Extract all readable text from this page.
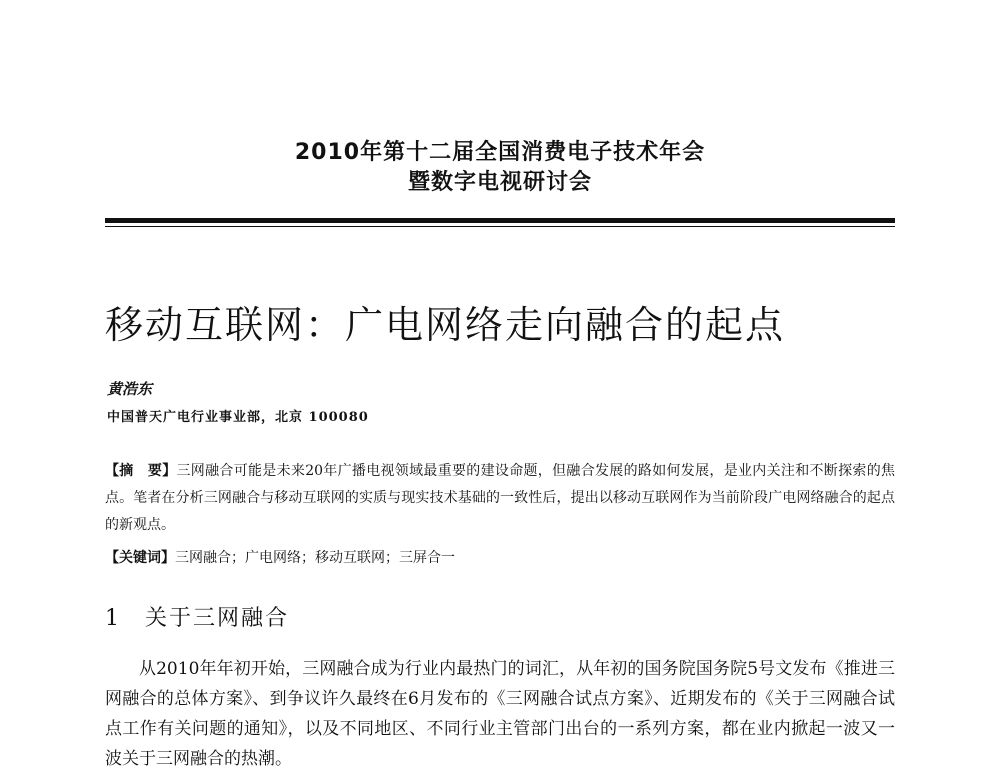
2010年第十二届全国消费电子技术年会
暨数字电视研讨会
移动互联网：广电网络走向融合的起点
黄浩东
中国普天广电行业事业部，北京 100080
【摘　要】三网融合可能是未来20年广播电视领域最重要的建设命题，但融合发展的路如何发展，是业内关注和不断探索的焦点。笔者在分析三网融合与移动互联网的实质与现实技术基础的一致性后，提出以移动互联网作为当前阶段广电网络融合的起点的新观点。
【关键词】三网融合；广电网络；移动互联网；三屏合一
1 关于三网融合
从2010年年初开始，三网融合成为行业内最热门的词汇，从年初的国务院国务院5号文发布《推进三网融合的总体方案》、到争议许久最终在6月发布的《三网融合试点方案》、近期发布的《关于三网融合试点工作有关问题的通知》，以及不同地区、不同行业主管部门出台的一系列方案，都在业内掀起一波又一波关于三网融合的热潮。
